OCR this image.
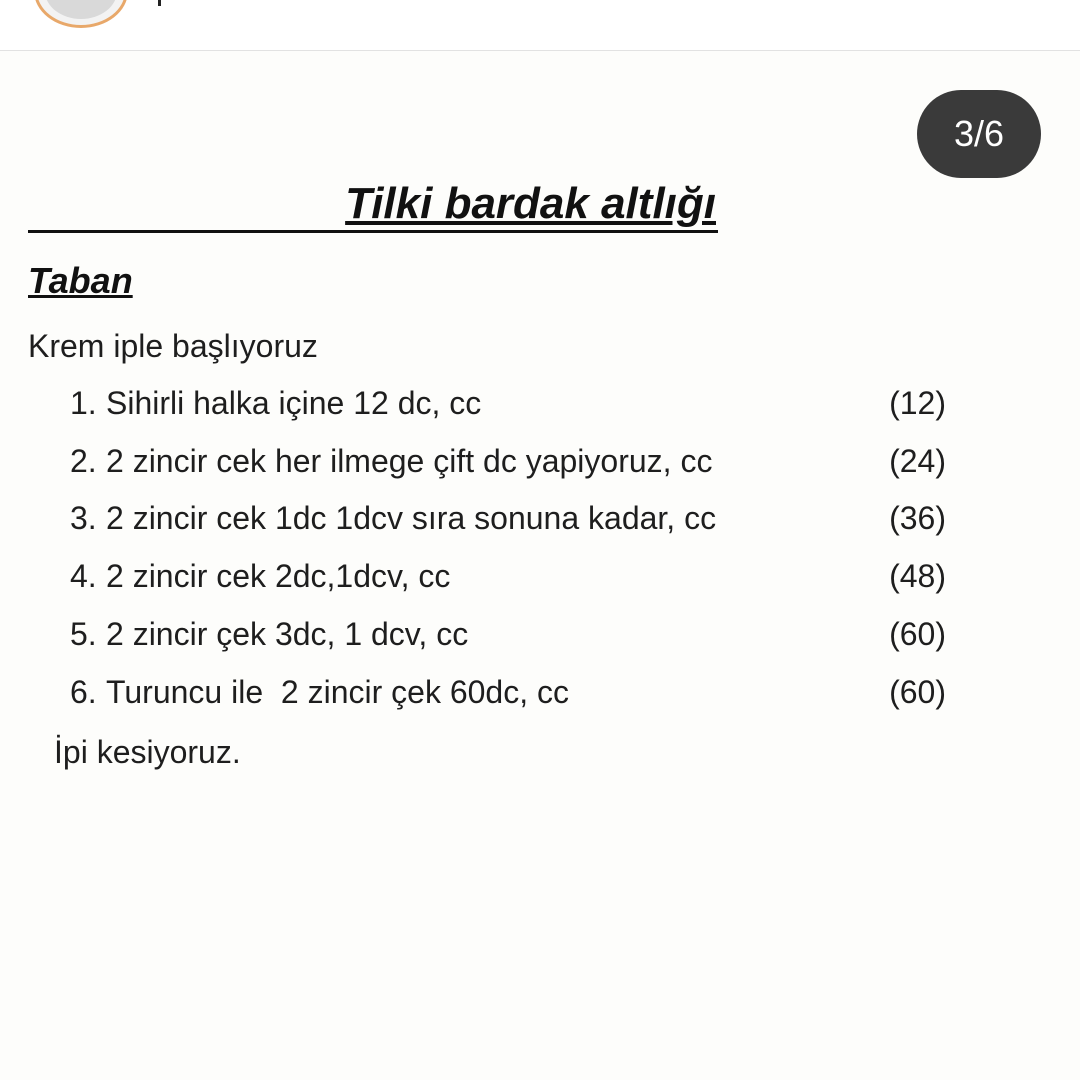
3/6
Tilki bardak altlığı
Taban
Krem iple başlıyoruz
1. Sihirli halka içine 12 dc, cc	(12)
2. 2 zincir cek her ilmege çift dc yapiyoruz, cc	(24)
3. 2 zincir cek 1dc 1dcv sıra sonuna kadar, cc	(36)
4. 2 zincir cek 2dc,1dcv, cc	(48)
5. 2 zincir çek 3dc, 1 dcv, cc	(60)
6. Turuncu ile  2 zincir çek 60dc, cc	(60)
İpi kesiyoruz.
